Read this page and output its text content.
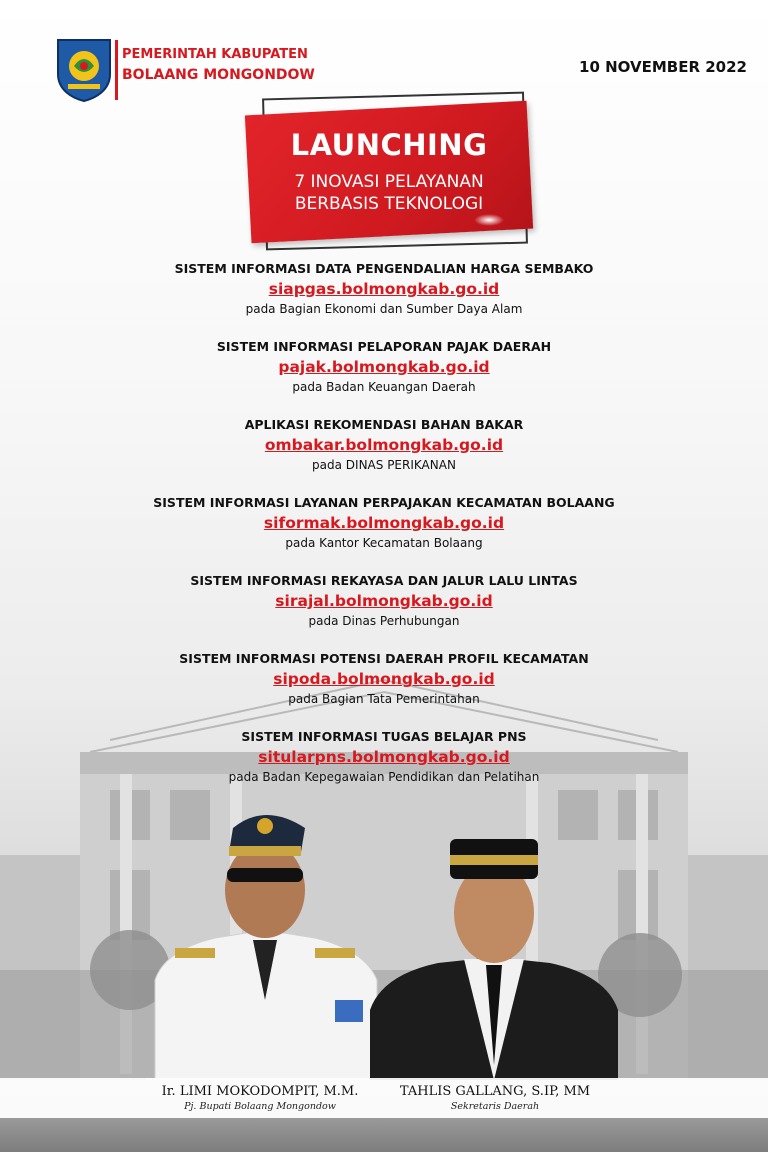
PEMERINTAH KABUPATEN
BOLAANG MONGONDOW	10 NOVEMBER 2022
LAUNCHING
7 INOVASI PELAYANAN
BERBASIS TEKNOLOGI
SISTEM INFORMASI DATA PENGENDALIAN HARGA SEMBAKO
siapgas.bolmongkab.go.id
pada Bagian Ekonomi dan Sumber Daya Alam
SISTEM INFORMASI PELAPORAN PAJAK DAERAH
pajak.bolmongkab.go.id
pada Badan Keuangan Daerah
APLIKASI REKOMENDASI BAHAN BAKAR
ombakar.bolmongkab.go.id
pada DINAS PERIKANAN
SISTEM INFORMASI LAYANAN PERPAJAKAN KECAMATAN BOLAANG
siformak.bolmongkab.go.id
pada Kantor Kecamatan Bolaang
SISTEM INFORMASI REKAYASA DAN JALUR LALU LINTAS
sirajal.bolmongkab.go.id
pada Dinas Perhubungan
SISTEM INFORMASI POTENSI DAERAH PROFIL KECAMATAN
sipoda.bolmongkab.go.id
pada Bagian Tata Pemerintahan
SISTEM INFORMASI TUGAS BELAJAR PNS
sitularpns.bolmongkab.go.id
pada Badan Kepegawaian Pendidikan dan Pelatihan
Ir. LIMI MOKODOMPIT, M.M.
Pj. Bupati Bolaang Mongondow
TAHLIS GALLANG, S.IP, MM
Sekretaris Daerah
